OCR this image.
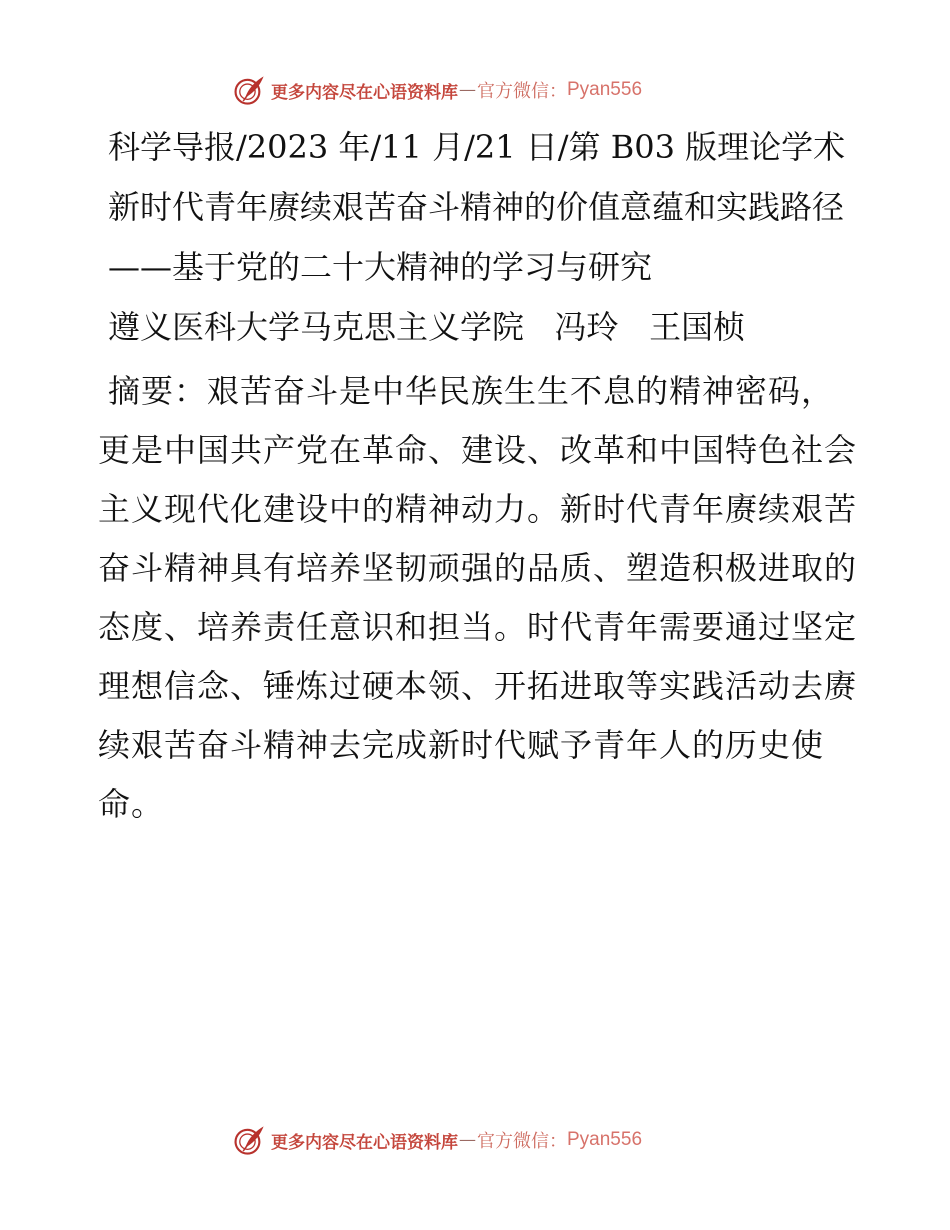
更多内容尽在心语资料库 — 官方微信： Pyan556

科学导报/2023 年/11 月/21 日/第 B03 版理论学术

新时代青年赓续艰苦奋斗精神的价值意蕴和实践路径

——基于党的二十大精神的学习与研究

遵义医科大学马克思主义学院 冯玲 王国桢

摘要：艰苦奋斗是中华民族生生不息的精神密码，更是中国共产党在革命、建设、改革和中国特色社会主义现代化建设中的精神动力。新时代青年赓续艰苦奋斗精神具有培养坚韧顽强的品质、塑造积极进取的态度、培养责任意识和担当。时代青年需要通过坚定理想信念、锤炼过硬本领、开拓进取等实践活动去赓续艰苦奋斗精神去完成新时代赋予青年人的历史使命。

更多内容尽在心语资料库 — 官方微信： Pyan556
